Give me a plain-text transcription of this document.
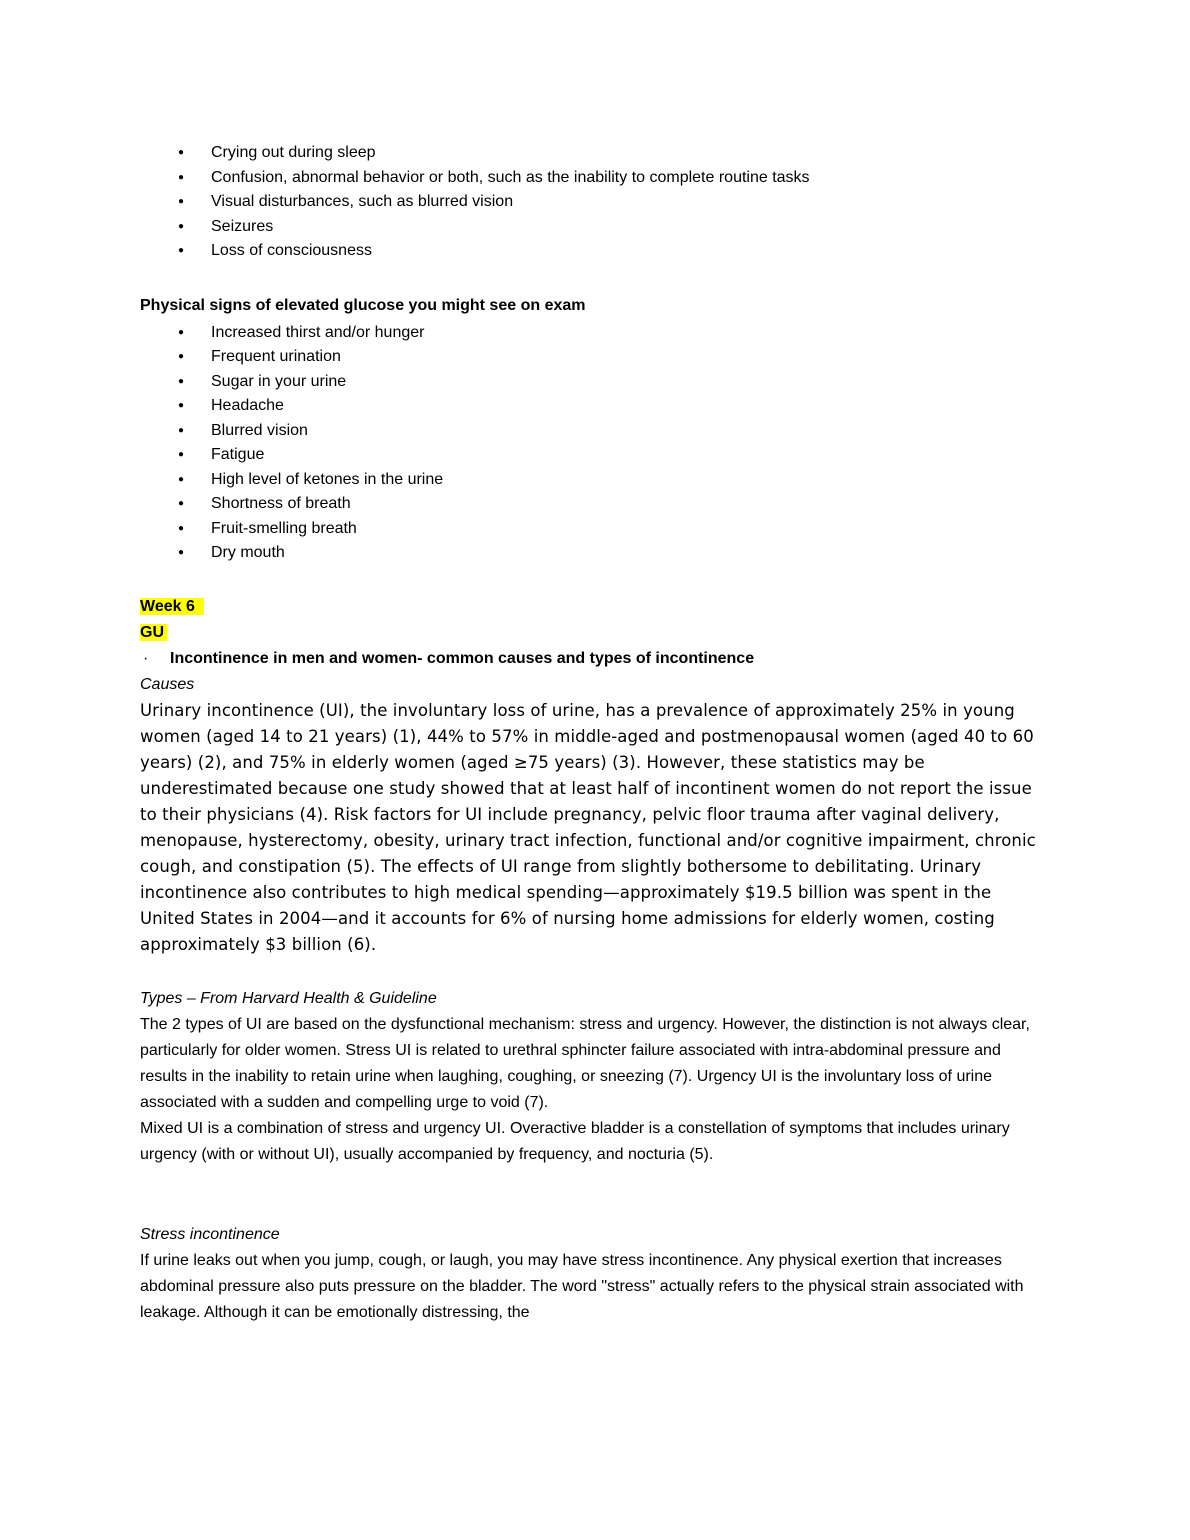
● Crying out during sleep
● Confusion, abnormal behavior or both, such as the inability to complete routine tasks
● Visual disturbances, such as blurred vision
● Seizures
● Loss of consciousness
Physical signs of elevated glucose you might see on exam
● Increased thirst and/or hunger
● Frequent urination
● Sugar in your urine
● Headache
● Blurred vision
● Fatigue
● High level of ketones in the urine
● Shortness of breath
● Fruit-smelling breath
● Dry mouth

Week 6

GU

· Incontinence in men and women- common causes and types of incontinence

Causes

Urinary incontinence (UI), the involuntary loss of urine, has a prevalence of approximately 25% in young women (aged 14 to 21 years) (1), 44% to 57% in middle-aged and postmenopausal women (aged 40 to 60 years) (2), and 75% in elderly women (aged ≥75 years) (3). However, these statistics may be underestimated because one study showed that at least half of incontinent women do not report the issue to their physicians (4). Risk factors for UI include pregnancy, pelvic floor trauma after vaginal delivery, menopause, hysterectomy, obesity, urinary tract infection, functional and/or cognitive impairment, chronic cough, and constipation (5). The effects of UI range from slightly bothersome to debilitating. Urinary incontinence also contributes to high medical spending—approximately $19.5 billion was spent in the United States in 2004—and it accounts for 6% of nursing home admissions for elderly women, costing approximately $3 billion (6).

Types – From Harvard Health & Guideline

The 2 types of UI are based on the dysfunctional mechanism: stress and urgency. However, the distinction is not always clear, particularly for older women. Stress UI is related to urethral sphincter failure associated with intra-abdominal pressure and results in the inability to retain urine when laughing, coughing, or sneezing (7). Urgency UI is the involuntary loss of urine associated with a sudden and compelling urge to void (7).

Mixed UI is a combination of stress and urgency UI. Overactive bladder is a constellation of symptoms that includes urinary urgency (with or without UI), usually accompanied by frequency, and nocturia (5).

Stress incontinence

If urine leaks out when you jump, cough, or laugh, you may have stress incontinence. Any physical exertion that increases abdominal pressure also puts pressure on the bladder. The word "stress" actually refers to the physical strain associated with leakage. Although it can be emotionally distressing, the
